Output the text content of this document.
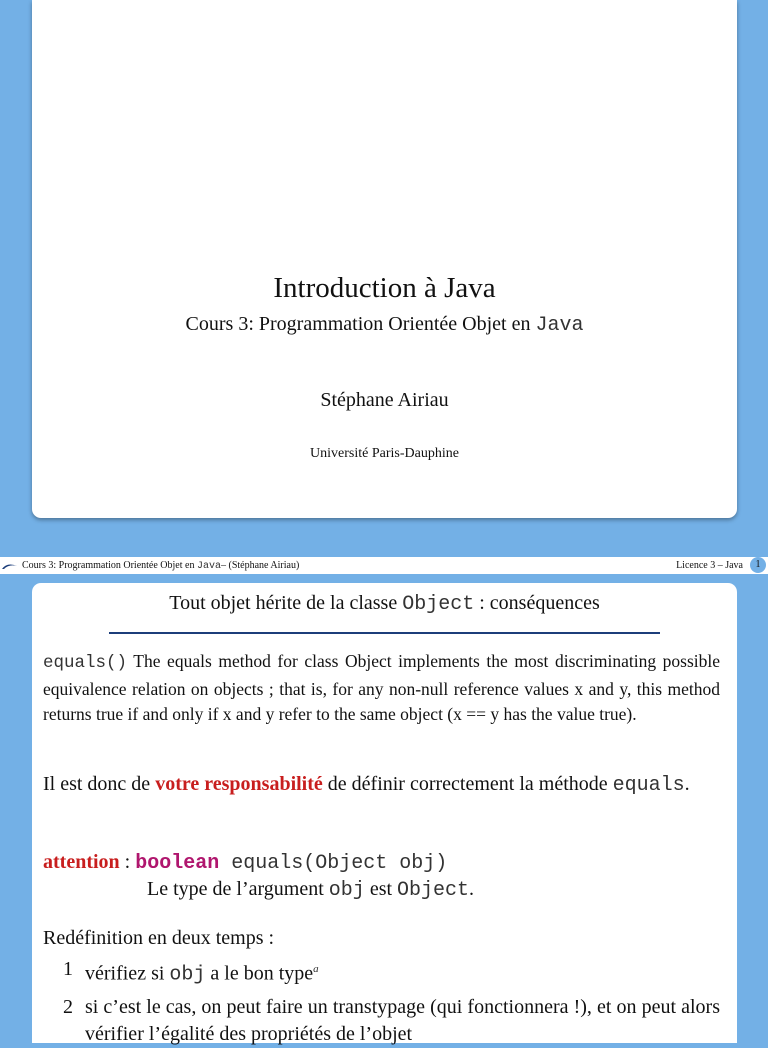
Introduction à Java
Cours 3: Programmation Orientée Objet en Java
Stéphane Airiau
Université Paris-Dauphine
Cours 3: Programmation Orientée Objet en Java– (Stéphane Airiau)	Licence 3 – Java	1
Tout objet hérite de la classe Object : conséquences
equals() The equals method for class Object implements the most discriminating possible equivalence relation on objects ; that is, for any non-null reference values x and y, this method returns true if and only if x and y refer to the same object (x == y has the value true).
Il est donc de votre responsabilité de définir correctement la méthode equals.
attention : boolean equals(Object obj)
Le type de l’argument obj est Object.
Redéfinition en deux temps :
1 vérifiez si obj a le bon type$^a$
2 si c’est le cas, on peut faire un transtypage (qui fonctionnera !), et on peut alors vérifier l’égalité des propriétés de l’objet
